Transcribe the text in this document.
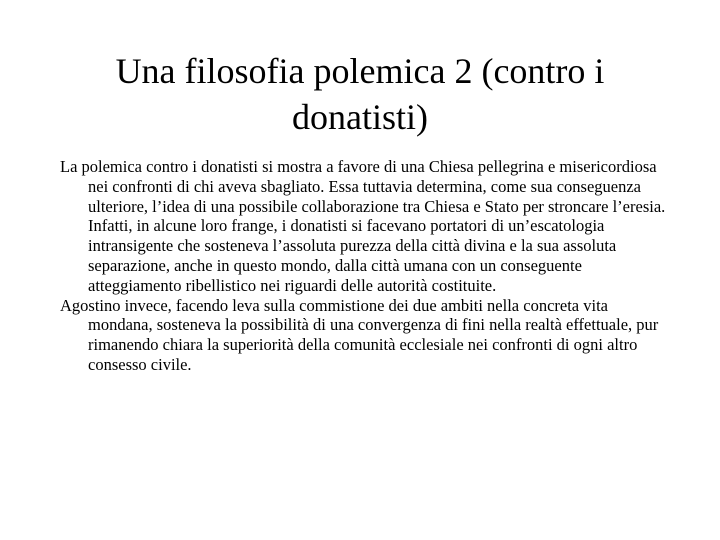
Una filosofia polemica 2 (contro i donatisti)

La polemica contro i donatisti si mostra a favore di una Chiesa pellegrina e misericordiosa nei confronti di chi aveva sbagliato. Essa tuttavia determina, come sua conseguenza ulteriore, l’idea di una possibile collaborazione tra Chiesa e Stato per stroncare l’eresia. Infatti, in alcune loro frange, i donatisti si facevano portatori di un’escatologia intransigente che sosteneva l’assoluta purezza della città divina e la sua assoluta separazione, anche in questo mondo, dalla città umana con un conseguente atteggiamento ribellistico nei riguardi delle autorità costituite.

Agostino invece, facendo leva sulla commistione dei due ambiti nella concreta vita mondana, sosteneva la possibilità di una convergenza di fini nella realtà effettuale, pur rimanendo chiara la superiorità della comunità ecclesiale nei confronti di ogni altro consesso civile.
